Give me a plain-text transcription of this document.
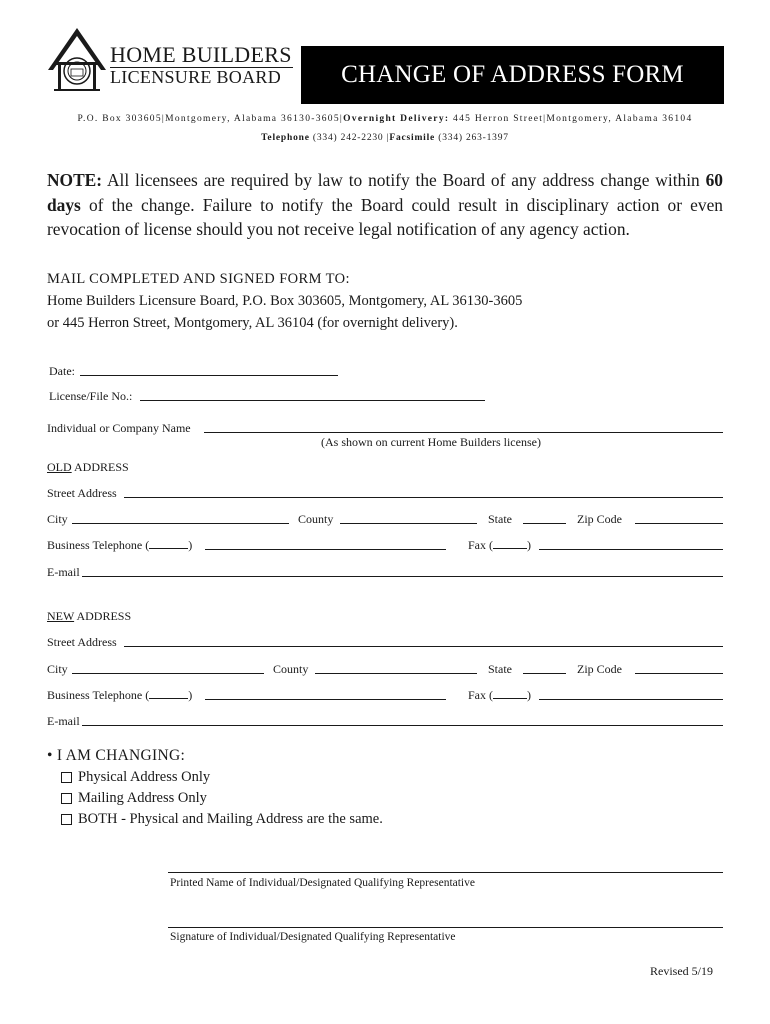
HOME BUILDERS
LICENSURE BOARD CHANGE OF ADDRESS FORM
P.O. Box 303605|Montgomery, Alabama 36130-3605|Overnight Delivery: 445 Herron Street|Montgomery, Alabama 36104
Telephone (334) 242-2230 |Facsimile (334) 263-1397
NOTE: All licensees are required by law to notify the Board of any address change within 60 days of the change. Failure to notify the Board could result in disciplinary action or even revocation of license should you not receive legal notification of any agency action.
MAIL COMPLETED AND SIGNED FORM TO:
Home Builders Licensure Board, P.O. Box 303605, Montgomery, AL 36130-3605
or 445 Herron Street, Montgomery, AL 36104 (for overnight delivery).
Date:
License/File No.:
Individual or Company Name
(As shown on current Home Builders license)
OLD ADDRESS
Street Address
City	County	State	Zip Code
Business Telephone (	)	Fax (	)
E-mail
NEW ADDRESS
Street Address
City	County	State	Zip Code
Business Telephone (	)	Fax (	)
E-mail
• I AM CHANGING:
Physical Address Only
Mailing Address Only
BOTH - Physical and Mailing Address are the same.
Printed Name of Individual/Designated Qualifying Representative
Signature of Individual/Designated Qualifying Representative
Revised 5/19
